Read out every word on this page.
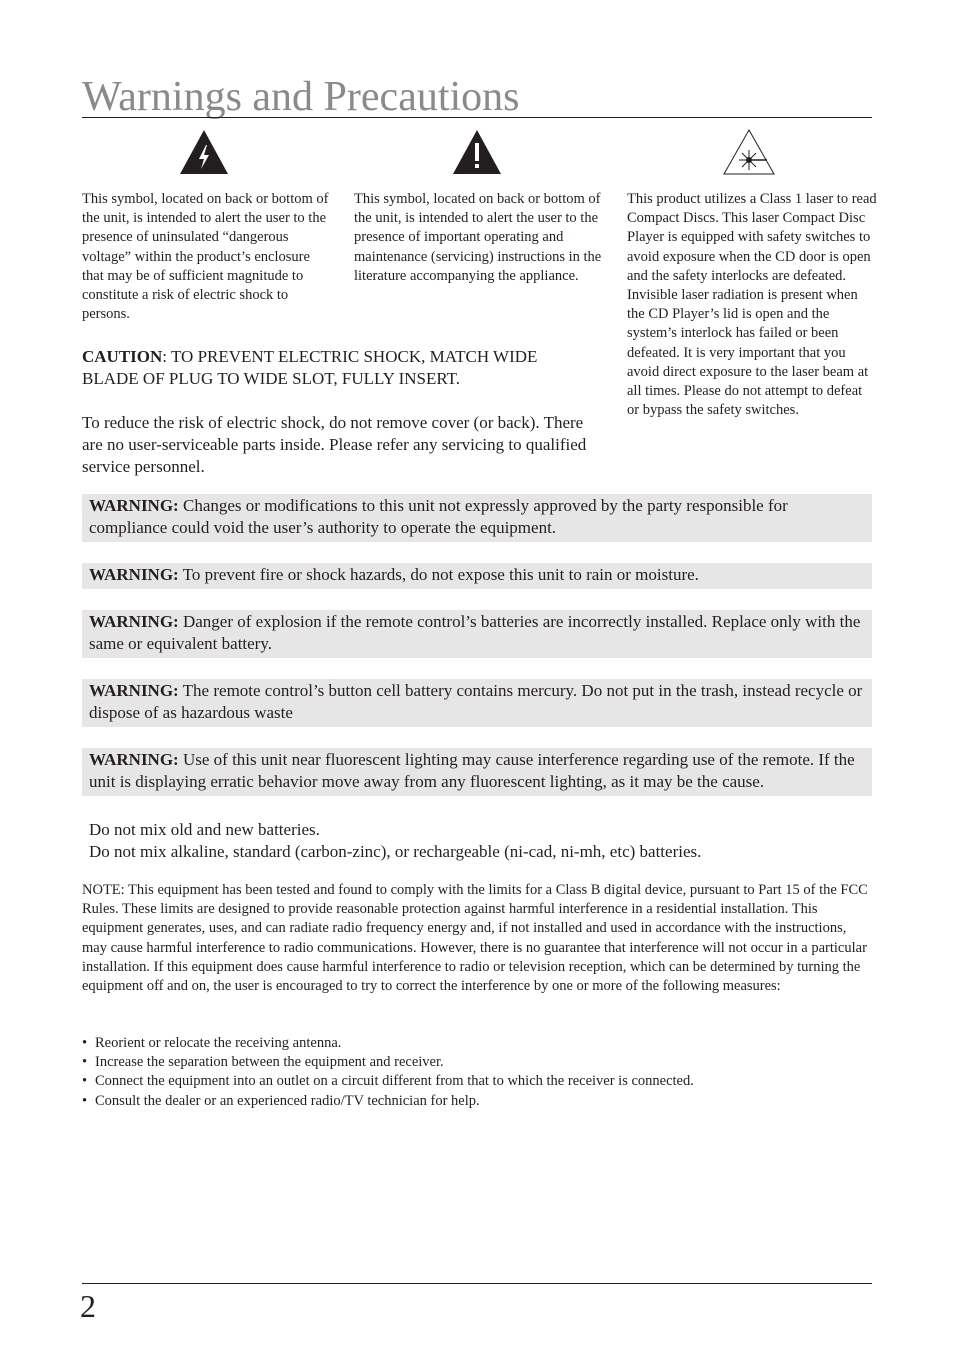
Warnings and Precautions

This symbol, located on back or bottom of the unit, is intended to alert the user to the presence of uninsulated “dangerous voltage” within the product’s enclosure that may be of sufficient magnitude to constitute a risk of electric shock to persons.

This symbol, located on back or bottom of the unit, is intended to alert the user to the presence of important operating and maintenance (servicing) instructions in the literature accompanying the appliance.

This product utilizes a Class 1 laser to read Compact Discs. This laser Compact Disc Player is equipped with safety switches to avoid exposure when the CD door is open and the safety interlocks are defeated. Invisible laser radiation is present when the CD Player’s lid is open and the system’s interlock has failed or been defeated. It is very important that you avoid direct exposure to the laser beam at all times. Please do not attempt to defeat or bypass the safety switches.

CAUTION: TO PREVENT ELECTRIC SHOCK, MATCH WIDE BLADE OF PLUG TO WIDE SLOT, FULLY INSERT.

To reduce the risk of electric shock, do not remove cover (or back). There are no user-serviceable parts inside. Please refer any servicing to qualified service personnel.

WARNING: Changes or modifications to this unit not expressly approved by the party responsible for compliance could void the user’s authority to operate the equipment.
WARNING: To prevent fire or shock hazards, do not expose this unit to rain or moisture.
WARNING: Danger of explosion if the remote control’s batteries are incorrectly installed. Replace only with the same or equivalent battery.
WARNING: The remote control’s button cell battery contains mercury. Do not put in the trash, instead recycle or dispose of as hazardous waste
WARNING: Use of this unit near fluorescent lighting may cause interference regarding use of the remote. If the unit is displaying erratic behavior move away from any fluorescent lighting, as it may be the cause.
Do not mix old and new batteries.
Do not mix alkaline, standard (carbon-zinc), or rechargeable (ni-cad, ni-mh, etc) batteries.

NOTE: This equipment has been tested and found to comply with the limits for a Class B digital device, pursuant to Part 15 of the FCC Rules. These limits are designed to provide reasonable protection against harmful interference in a residential installation. This equipment generates, uses, and can radiate radio frequency energy and, if not installed and used in accordance with the instructions, may cause harmful interference to radio communications. However, there is no guarantee that interference will not occur in a particular installation. If this equipment does cause harmful interference to radio or television reception, which can be determined by turning the equipment off and on, the user is encouraged to try to correct the interference by one or more of the following measures:

• Reorient or relocate the receiving antenna.
• Increase the separation between the equipment and receiver.
• Connect the equipment into an outlet on a circuit different from that to which the receiver is connected.
• Consult the dealer or an experienced radio/TV technician for help.
2
